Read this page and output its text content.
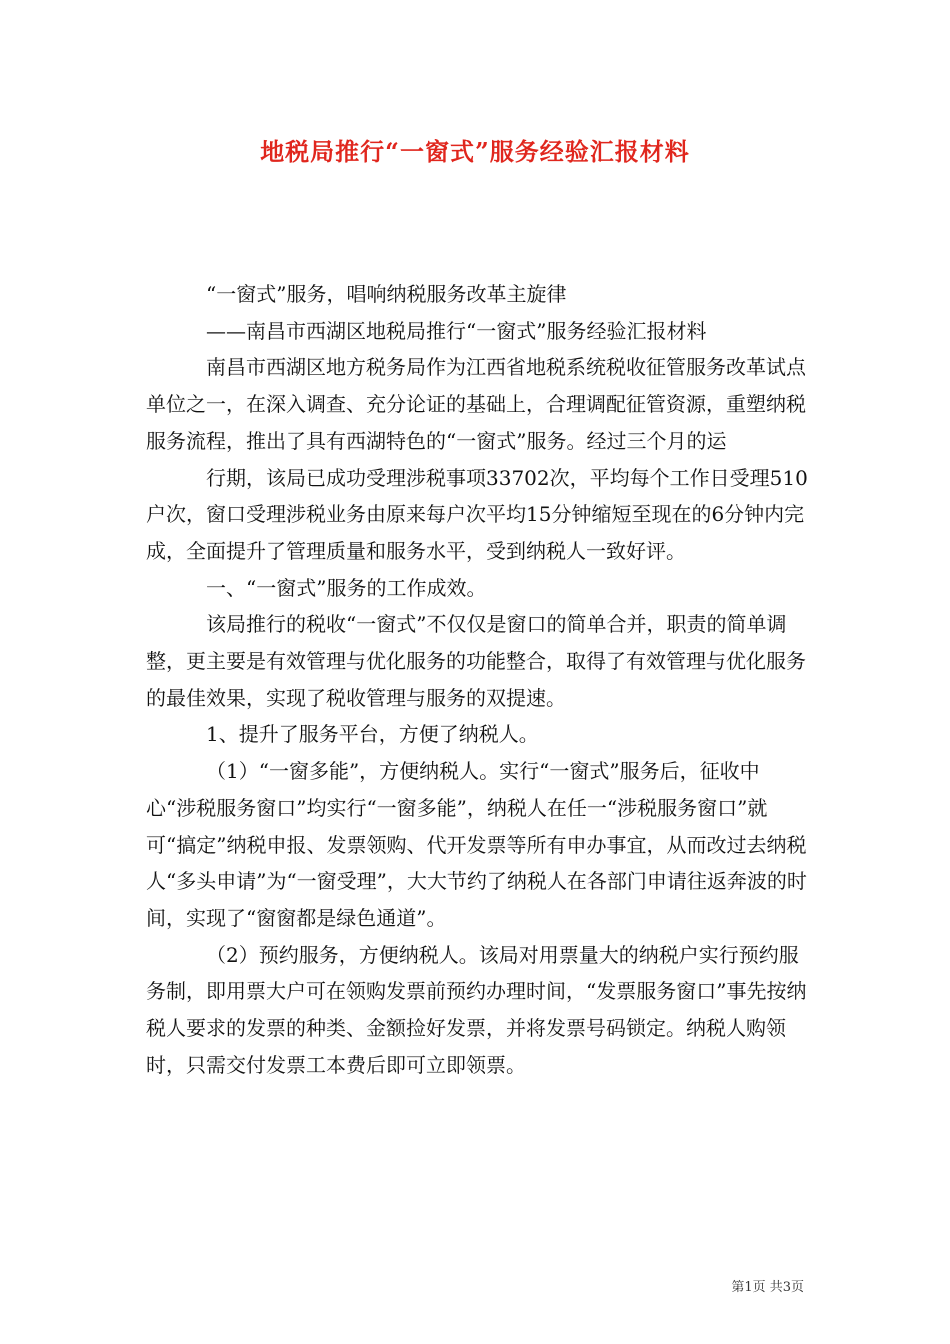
地税局推行“一窗式”服务经验汇报材料

“一窗式”服务，唱响纳税服务改革主旋律

——南昌市西湖区地税局推行“一窗式”服务经验汇报材料

南昌市西湖区地方税务局作为江西省地税系统税收征管服务改革试点单位之一，在深入调查、充分论证的基础上，合理调配征管资源，重塑纳税服务流程，推出了具有西湖特色的“一窗式”服务。经过三个月的运

行期，该局已成功受理涉税事项33702次，平均每个工作日受理510户次，窗口受理涉税业务由原来每户次平均15分钟缩短至现在的6分钟内完成，全面提升了管理质量和服务水平，受到纳税人一致好评。

一、“一窗式”服务的工作成效。

该局推行的税收“一窗式”不仅仅是窗口的简单合并，职责的简单调整，更主要是有效管理与优化服务的功能整合，取得了有效管理与优化服务的最佳效果，实现了税收管理与服务的双提速。

1、提升了服务平台，方便了纳税人。

（1）“一窗多能”，方便纳税人。实行“一窗式”服务后，征收中心“涉税服务窗口”均实行“一窗多能”，纳税人在任一“涉税服务窗口”就可“搞定”纳税申报、发票领购、代开发票等所有申办事宜，从而改过去纳税人“多头申请”为“一窗受理”，大大节约了纳税人在各部门申请往返奔波的时间，实现了“窗窗都是绿色通道”。

（2）预约服务，方便纳税人。该局对用票量大的纳税户实行预约服务制，即用票大户可在领购发票前预约办理时间，“发票服务窗口”事先按纳税人要求的发票的种类、金额捡好发票，并将发票号码锁定。纳税人购领时，只需交付发票工本费后即可立即领票。

第1页 共3页
